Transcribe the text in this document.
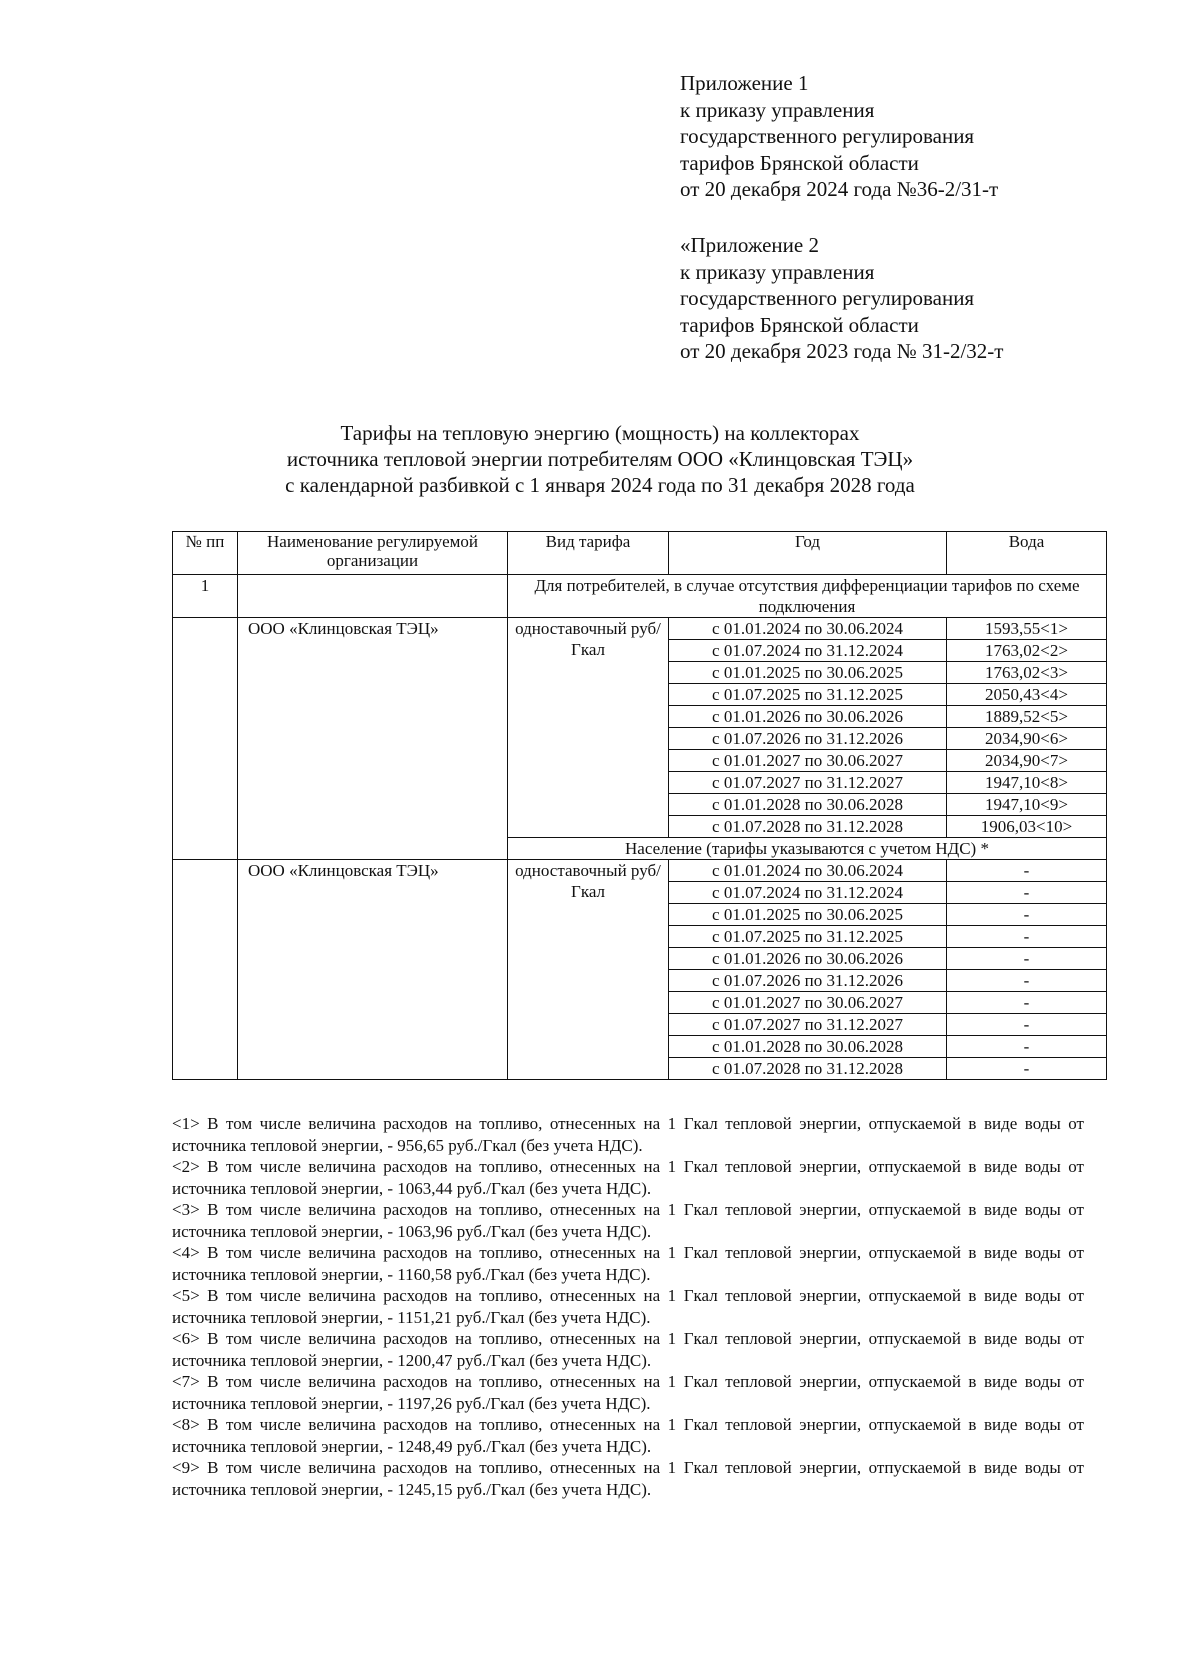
Приложение 1
к приказу управления
государственного регулирования
тарифов Брянской области
от 20 декабря 2024 года №36-2/31-т
«Приложение 2
к приказу управления
государственного регулирования
тарифов Брянской области
от 20 декабря 2023 года № 31-2/32-т
Тарифы на тепловую энергию (мощность) на коллекторах
источника тепловой энергии потребителям ООО «Клинцовская ТЭЦ»
с календарной разбивкой с 1 января 2024 года по 31 декабря 2028 года
№ пп	Наименование регулируемой организации	Вид тарифа	Год	Вода
1		Для потребителей, в случае отсутствия дифференциации тарифов по схеме подключения		
	ООО «Клинцовская ТЭЦ»	одноставочный руб/Гкал	с 01.01.2024 по 30.06.2024	1593,55<1>
			с 01.07.2024 по 31.12.2024	1763,02<2>
			с 01.01.2025 по 30.06.2025	1763,02<3>
			с 01.07.2025 по 31.12.2025	2050,43<4>
			с 01.01.2026 по 30.06.2026	1889,52<5>
			с 01.07.2026 по 31.12.2026	2034,90<6>
			с 01.01.2027 по 30.06.2027	2034,90<7>
			с 01.07.2027 по 31.12.2027	1947,10<8>
			с 01.01.2028 по 30.06.2028	1947,10<9>
			с 01.07.2028 по 31.12.2028	1906,03<10>
		Население (тарифы указываются с учетом НДС) *		
	ООО «Клинцовская ТЭЦ»	одноставочный руб/Гкал	с 01.01.2024 по 30.06.2024	-
			с 01.07.2024 по 31.12.2024	-
			с 01.01.2025 по 30.06.2025	-
			с 01.07.2025 по 31.12.2025	-
			с 01.01.2026 по 30.06.2026	-
			с 01.07.2026 по 31.12.2026	-
			с 01.01.2027 по 30.06.2027	-
			с 01.07.2027 по 31.12.2027	-
			с 01.01.2028 по 30.06.2028	-
			с 01.07.2028 по 31.12.2028	-

<1> В том числе величина расходов на топливо, отнесенных на 1 Гкал тепловой энергии, отпускаемой в виде воды от источника тепловой энергии, - 956,65 руб./Гкал (без учета НДС).

<2> В том числе величина расходов на топливо, отнесенных на 1 Гкал тепловой энергии, отпускаемой в виде воды от источника тепловой энергии, - 1063,44 руб./Гкал (без учета НДС).

<3> В том числе величина расходов на топливо, отнесенных на 1 Гкал тепловой энергии, отпускаемой в виде воды от источника тепловой энергии, - 1063,96 руб./Гкал (без учета НДС).

<4> В том числе величина расходов на топливо, отнесенных на 1 Гкал тепловой энергии, отпускаемой в виде воды от источника тепловой энергии, - 1160,58 руб./Гкал (без учета НДС).

<5> В том числе величина расходов на топливо, отнесенных на 1 Гкал тепловой энергии, отпускаемой в виде воды от источника тепловой энергии, - 1151,21 руб./Гкал (без учета НДС).

<6> В том числе величина расходов на топливо, отнесенных на 1 Гкал тепловой энергии, отпускаемой в виде воды от источника тепловой энергии, - 1200,47 руб./Гкал (без учета НДС).

<7> В том числе величина расходов на топливо, отнесенных на 1 Гкал тепловой энергии, отпускаемой в виде воды от источника тепловой энергии, - 1197,26 руб./Гкал (без учета НДС).

<8> В том числе величина расходов на топливо, отнесенных на 1 Гкал тепловой энергии, отпускаемой в виде воды от источника тепловой энергии, - 1248,49 руб./Гкал (без учета НДС).

<9> В том числе величина расходов на топливо, отнесенных на 1 Гкал тепловой энергии, отпускаемой в виде воды от источника тепловой энергии, - 1245,15 руб./Гкал (без учета НДС).
